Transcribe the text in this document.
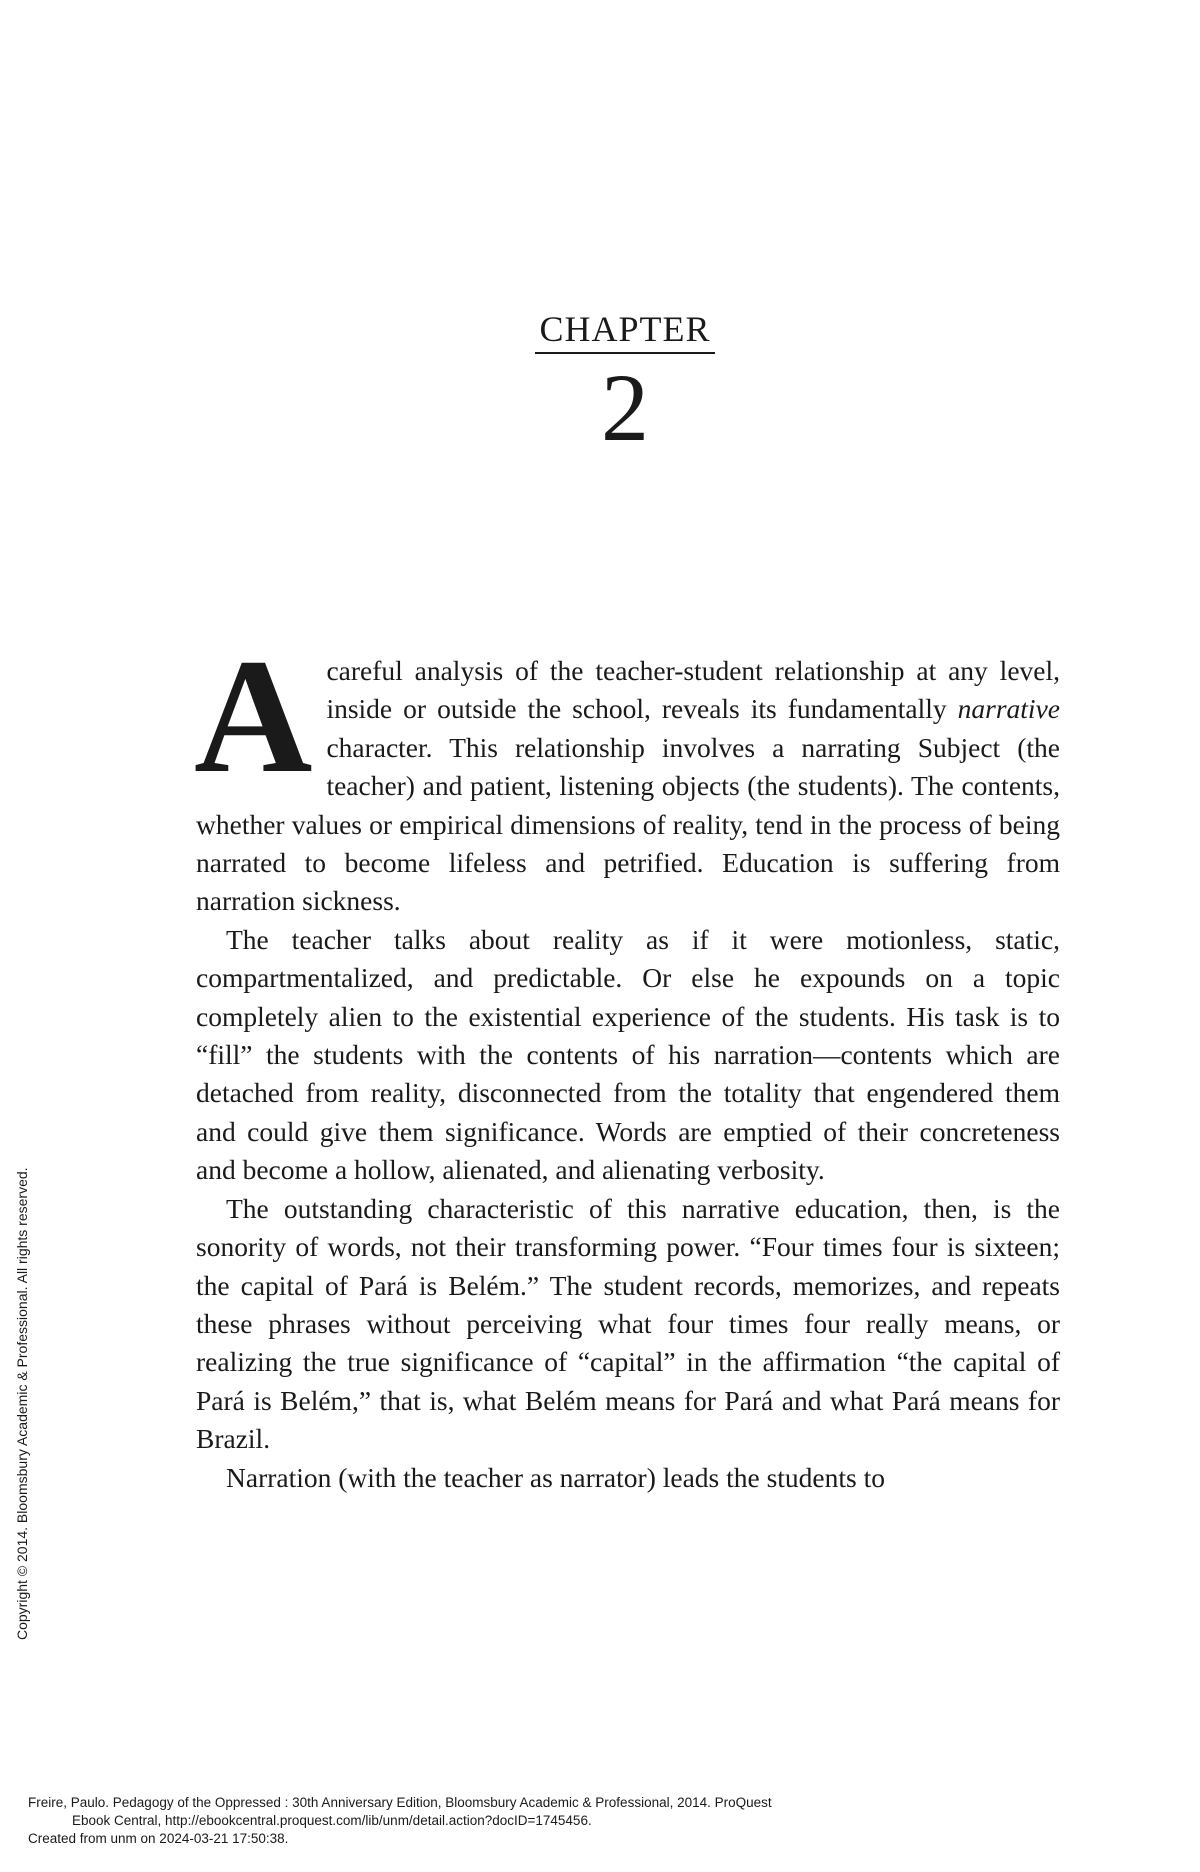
CHAPTER
2

Acareful analysis of the teacher-student relationship at any level, inside or outside the school, reveals its fundamentally narrative character. This relationship involves a narrating Subject (the teacher) and patient, listening objects (the students). The contents, whether values or empirical dimensions of reality, tend in the process of being narrated to become lifeless and petrified. Education is suffering from narration sickness.

The teacher talks about reality as if it were motionless, static, compartmentalized, and predictable. Or else he expounds on a topic completely alien to the existential experience of the students. His task is to “fill” the students with the contents of his narration—contents which are detached from reality, disconnected from the totality that engendered them and could give them significance. Words are emptied of their concreteness and become a hollow, alienated, and alienating verbosity.

The outstanding characteristic of this narrative education, then, is the sonority of words, not their transforming power. “Four times four is sixteen; the capital of Pará is Belém.” The student records, memorizes, and repeats these phrases without perceiving what four times four really means, or realizing the true significance of “capital” in the affirmation “the capital of Pará is Belém,” that is, what Belém means for Pará and what Pará means for Brazil.

Narration (with the teacher as narrator) leads the students to

Copyright © 2014. Bloomsbury Academic & Professional. All rights reserved.
Freire, Paulo. Pedagogy of the Oppressed : 30th Anniversary Edition, Bloomsbury Academic & Professional, 2014. ProQuest
Ebook Central, http://ebookcentral.proquest.com/lib/unm/detail.action?docID=1745456.
Created from unm on 2024-03-21 17:50:38.
